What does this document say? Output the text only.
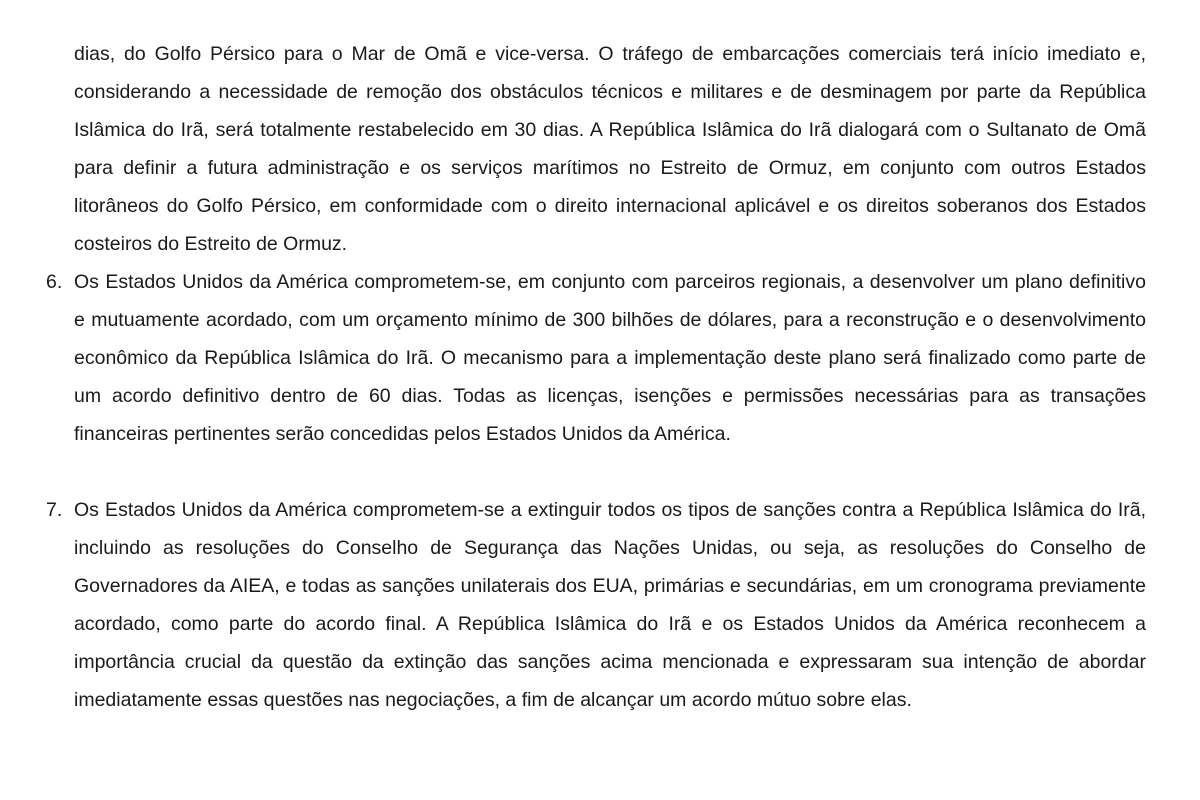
dias, do Golfo Pérsico para o Mar de Omã e vice-versa. O tráfego de embarcações comerciais terá início imediato e, considerando a necessidade de remoção dos obstáculos técnicos e militares e de desminagem por parte da República Islâmica do Irã, será totalmente restabelecido em 30 dias. A República Islâmica do Irã dialogará com o Sultanato de Omã para definir a futura administração e os serviços marítimos no Estreito de Ormuz, em conjunto com outros Estados litorâneos do Golfo Pérsico, em conformidade com o direito internacional aplicável e os direitos soberanos dos Estados costeiros do Estreito de Ormuz.

6. Os Estados Unidos da América comprometem-se, em conjunto com parceiros regionais, a desenvolver um plano definitivo e mutuamente acordado, com um orçamento mínimo de 300 bilhões de dólares, para a reconstrução e o desenvolvimento econômico da República Islâmica do Irã. O mecanismo para a implementação deste plano será finalizado como parte de um acordo definitivo dentro de 60 dias. Todas as licenças, isenções e permissões necessárias para as transações financeiras pertinentes serão concedidas pelos Estados Unidos da América.

7. Os Estados Unidos da América comprometem-se a extinguir todos os tipos de sanções contra a República Islâmica do Irã, incluindo as resoluções do Conselho de Segurança das Nações Unidas, ou seja, as resoluções do Conselho de Governadores da AIEA, e todas as sanções unilaterais dos EUA, primárias e secundárias, em um cronograma previamente acordado, como parte do acordo final. A República Islâmica do Irã e os Estados Unidos da América reconhecem a importância crucial da questão da extinção das sanções acima mencionada e expressaram sua intenção de abordar imediatamente essas questões nas negociações, a fim de alcançar um acordo mútuo sobre elas.
